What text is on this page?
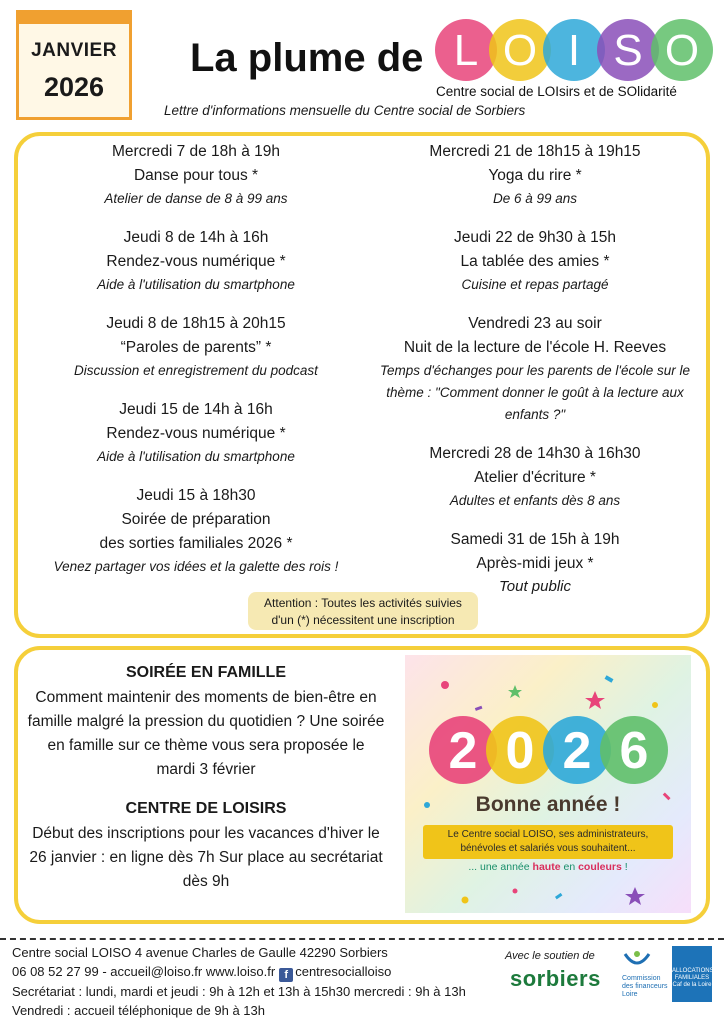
JANVIER
2026
La plume de L O I S O
Centre social de LOIsirs et de SOlidarité
Lettre d'informations mensuelle du Centre social de Sorbiers
Mercredi 7 de 18h à 19h
Danse pour tous *
Atelier de danse de 8 à 99 ans
Jeudi 8 de 14h à 16h
Rendez-vous numérique *
Aide à l'utilisation du smartphone
Jeudi 8 de 18h15 à 20h15
“Paroles de parents” *
Discussion et enregistrement du podcast
Jeudi 15 de 14h à 16h
Rendez-vous numérique *
Aide à l'utilisation du smartphone
Jeudi 15 à 18h30
Soirée de préparation
des sorties familiales 2026 *
Venez partager vos idées et la galette des rois !
Mercredi 21 de 18h15 à 19h15
Yoga du rire *
De 6 à 99 ans
Jeudi 22 de 9h30 à 15h
La tablée des amies *
Cuisine et repas partagé
Vendredi 23 au soir
Nuit de la lecture de l'école H. Reeves
Temps d'échanges pour les parents de l'école sur le thème : "Comment donner le goût à la lecture aux enfants ?"
Mercredi 28 de 14h30 à 16h30
Atelier d'écriture *
Adultes et enfants dès 8 ans
Samedi 31 de 15h à 19h
Après-midi jeux *
Tout public
Attention : Toutes les activités suivies
d'un (*) nécessitent une inscription
SOIRÉE EN FAMILLE

Comment maintenir des moments de bien-être en famille malgré la pression du quotidien ? Une soirée en famille sur ce thème vous sera proposée le mardi 3 février

CENTRE DE LOISIRS

Début des inscriptions pour les vacances d'hiver le 26 janvier : en ligne dès 7h Sur place au secrétariat dès 9h

2 0 2 6
Bonne année !
Le Centre social LOISO, ses administrateurs, bénévoles et salariés vous souhaitent...
... une année haute en couleurs !
Centre social LOISO 4 avenue Charles de Gaulle 42290 Sorbiers
06 08 52 27 99 - accueil@loiso.fr www.loiso.fr f centresocialloiso
Secrétariat : lundi, mardi et jeudi : 9h à 12h et 13h à 15h30 mercredi : 9h à 13h
Vendredi : accueil téléphonique de 9h à 13h
Avec le soutien de
sorbiers	Commission des financeurs Loire
ALLOCATIONS FAMILIALES Caf de la Loire
